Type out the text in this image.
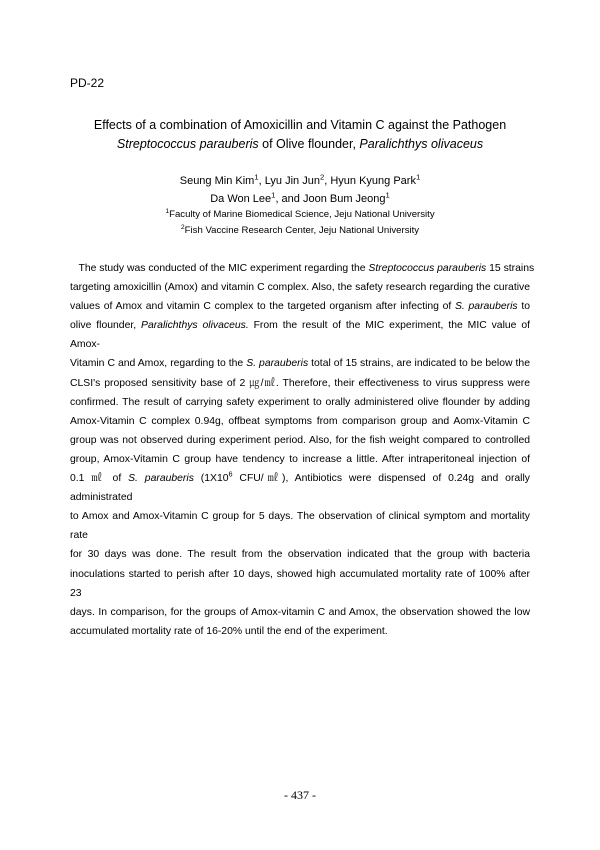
PD-22
Effects of a combination of Amoxicillin and Vitamin C against the Pathogen
Streptococcus parauberis of Olive flounder, Paralichthys olivaceus
Seung Min Kim$^1$, Lyu Jin Jun$^2$, Hyun Kyung Park$^1$
Da Won Lee$^1$, and Joon Bum Jeong$^1$
$^1$Faculty of Marine Biomedical Science, Jeju National University
$^2$Fish Vaccine Research Center, Jeju National University
The study was conducted of the MIC experiment regarding the Streptococcus parauberis 15 strains
targeting amoxicillin (Amox) and vitamin C complex. Also, the safety research regarding the curative
values of Amox and vitamin C complex to the targeted organism after infecting of S. parauberis to
olive flounder, Paralichthys olivaceus. From the result of the MIC experiment, the MIC value of Amox-
Vitamin C and Amox, regarding to the S. parauberis total of 15 strains, are indicated to be below the
CLSI's proposed sensitivity base of 2 ㎍/㎖. Therefore, their effectiveness to virus suppress were
confirmed. The result of carrying safety experiment to orally administered olive flounder by adding
Amox-Vitamin C complex 0.94g, offbeat symptoms from comparison group and Aomx-Vitamin C
group was not observed during experiment period. Also, for the fish weight compared to controlled
group, Amox-Vitamin C group have tendency to increase a little. After intraperitoneal injection of
0.1 ㎖ of S. parauberis ($1X10^6$ CFU/㎖), Antibiotics were dispensed of 0.24g and orally administrated
to Amox and Amox-Vitamin C group for 5 days. The observation of clinical symptom and mortality rate
for 30 days was done. The result from the observation indicated that the group with bacteria
inoculations started to perish after 10 days, showed high accumulated mortality rate of 100% after 23
days. In comparison, for the groups of Amox-vitamin C and Amox, the observation showed the low
accumulated mortality rate of 16-20% until the end of the experiment.
- 437 -
